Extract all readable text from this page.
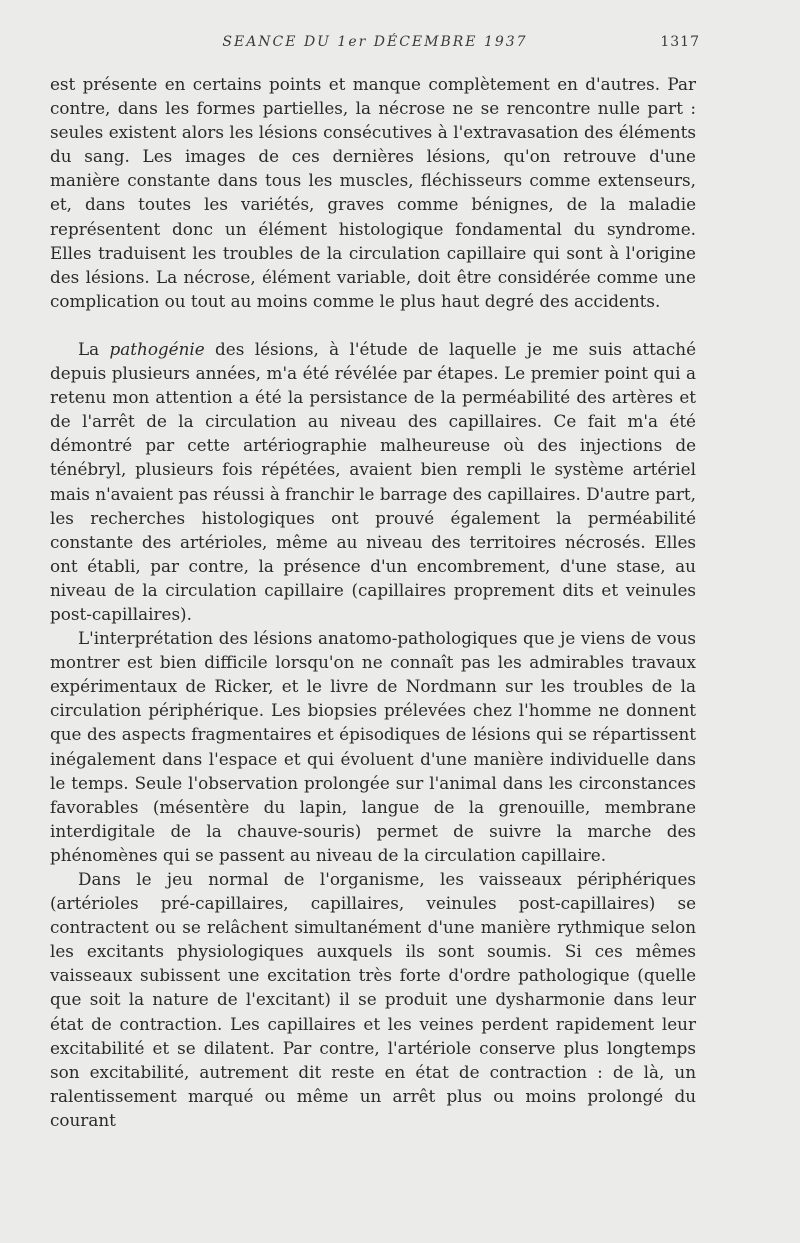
SEANCE DU 1er DÉCEMBRE 1937	1317

est présente en certains points et manque complètement en d'autres. Par contre, dans les formes partielles, la nécrose ne se rencontre nulle part : seules existent alors les lésions consécutives à l'extravasation des éléments du sang. Les images de ces dernières lésions, qu'on retrouve d'une manière constante dans tous les muscles, fléchisseurs comme extenseurs, et, dans toutes les variétés, graves comme bénignes, de la maladie représentent donc un élément histologique fondamental du syndrome. Elles traduisent les troubles de la circulation capillaire qui sont à l'origine des lésions. La nécrose, élément variable, doit être considérée comme une complication ou tout au moins comme le plus haut degré des accidents.

La pathogénie des lésions, à l'étude de laquelle je me suis attaché depuis plusieurs années, m'a été révélée par étapes. Le premier point qui a retenu mon attention a été la persistance de la perméabilité des artères et de l'arrêt de la circulation au niveau des capillaires. Ce fait m'a été démontré par cette artériographie malheureuse où des injections de ténébryl, plusieurs fois répétées, avaient bien rempli le système artériel mais n'avaient pas réussi à franchir le barrage des capillaires. D'autre part, les recherches histologiques ont prouvé également la perméabilité constante des artérioles, même au niveau des territoires nécrosés. Elles ont établi, par contre, la présence d'un encombrement, d'une stase, au niveau de la circulation capillaire (capillaires proprement dits et veinules post-capillaires).

L'interprétation des lésions anatomo-pathologiques que je viens de vous montrer est bien difficile lorsqu'on ne connaît pas les admirables travaux expérimentaux de Ricker, et le livre de Nordmann sur les troubles de la circulation périphérique. Les biopsies prélevées chez l'homme ne donnent que des aspects fragmentaires et épisodiques de lésions qui se répartissent inégalement dans l'espace et qui évoluent d'une manière individuelle dans le temps. Seule l'observation prolongée sur l'animal dans les circonstances favorables (mésentère du lapin, langue de la grenouille, membrane interdigitale de la chauve-souris) permet de suivre la marche des phénomènes qui se passent au niveau de la circulation capillaire.

Dans le jeu normal de l'organisme, les vaisseaux périphériques (artérioles pré-capillaires, capillaires, veinules post-capillaires) se contractent ou se relâchent simultanément d'une manière rythmique selon les excitants physiologiques auxquels ils sont soumis. Si ces mêmes vaisseaux subissent une excitation très forte d'ordre pathologique (quelle que soit la nature de l'excitant) il se produit une dysharmonie dans leur état de contraction. Les capillaires et les veines perdent rapidement leur excitabilité et se dilatent. Par contre, l'artériole conserve plus longtemps son excitabilité, autrement dit reste en état de contraction : de là, un ralentissement marqué ou même un arrêt plus ou moins prolongé du courant
